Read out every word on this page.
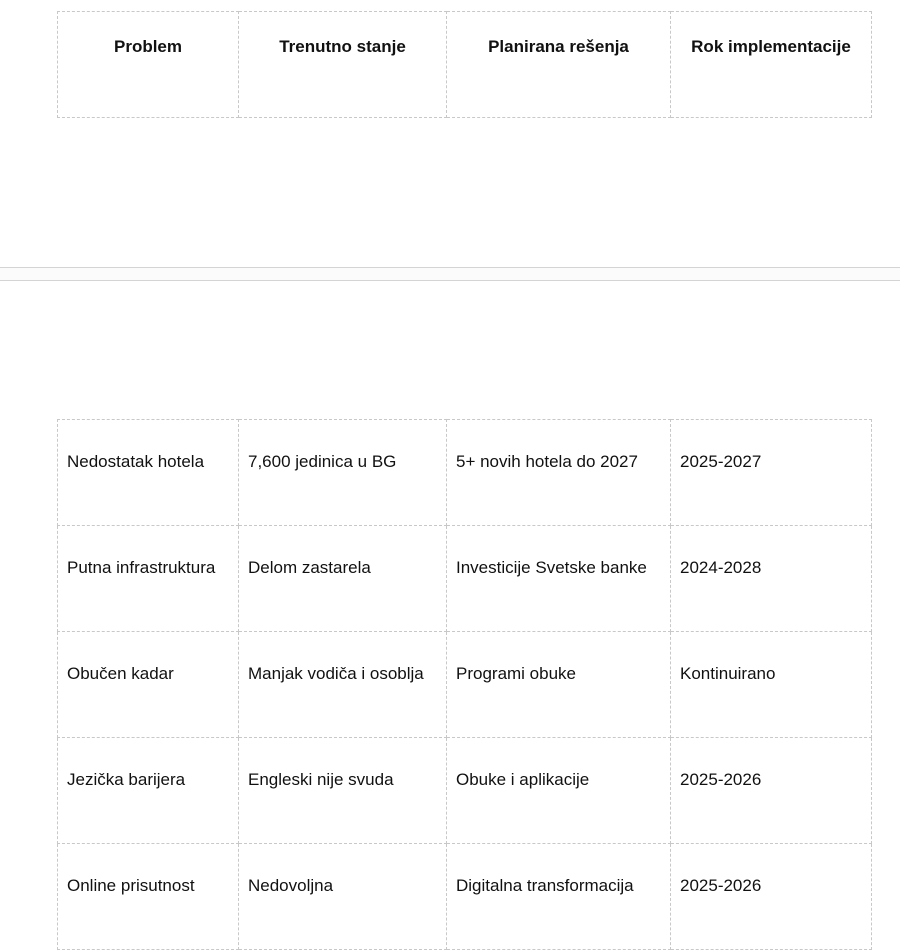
Problem	Trenutno stanje	Planirana rešenja	Rok implementacije
Nedostatak hotela	7,600 jedinica u BG	5+ novih hotela do 2027	2025-2027
Putna infrastruktura	Delom zastarela	Investicije Svetske banke	2024-2028
Obučen kadar	Manjak vodiča i osoblja	Programi obuke	Kontinuirano
Jezička barijera	Engleski nije svuda	Obuke i aplikacije	2025-2026
Online prisutnost	Nedovoljna	Digitalna transformacija	2025-2026
